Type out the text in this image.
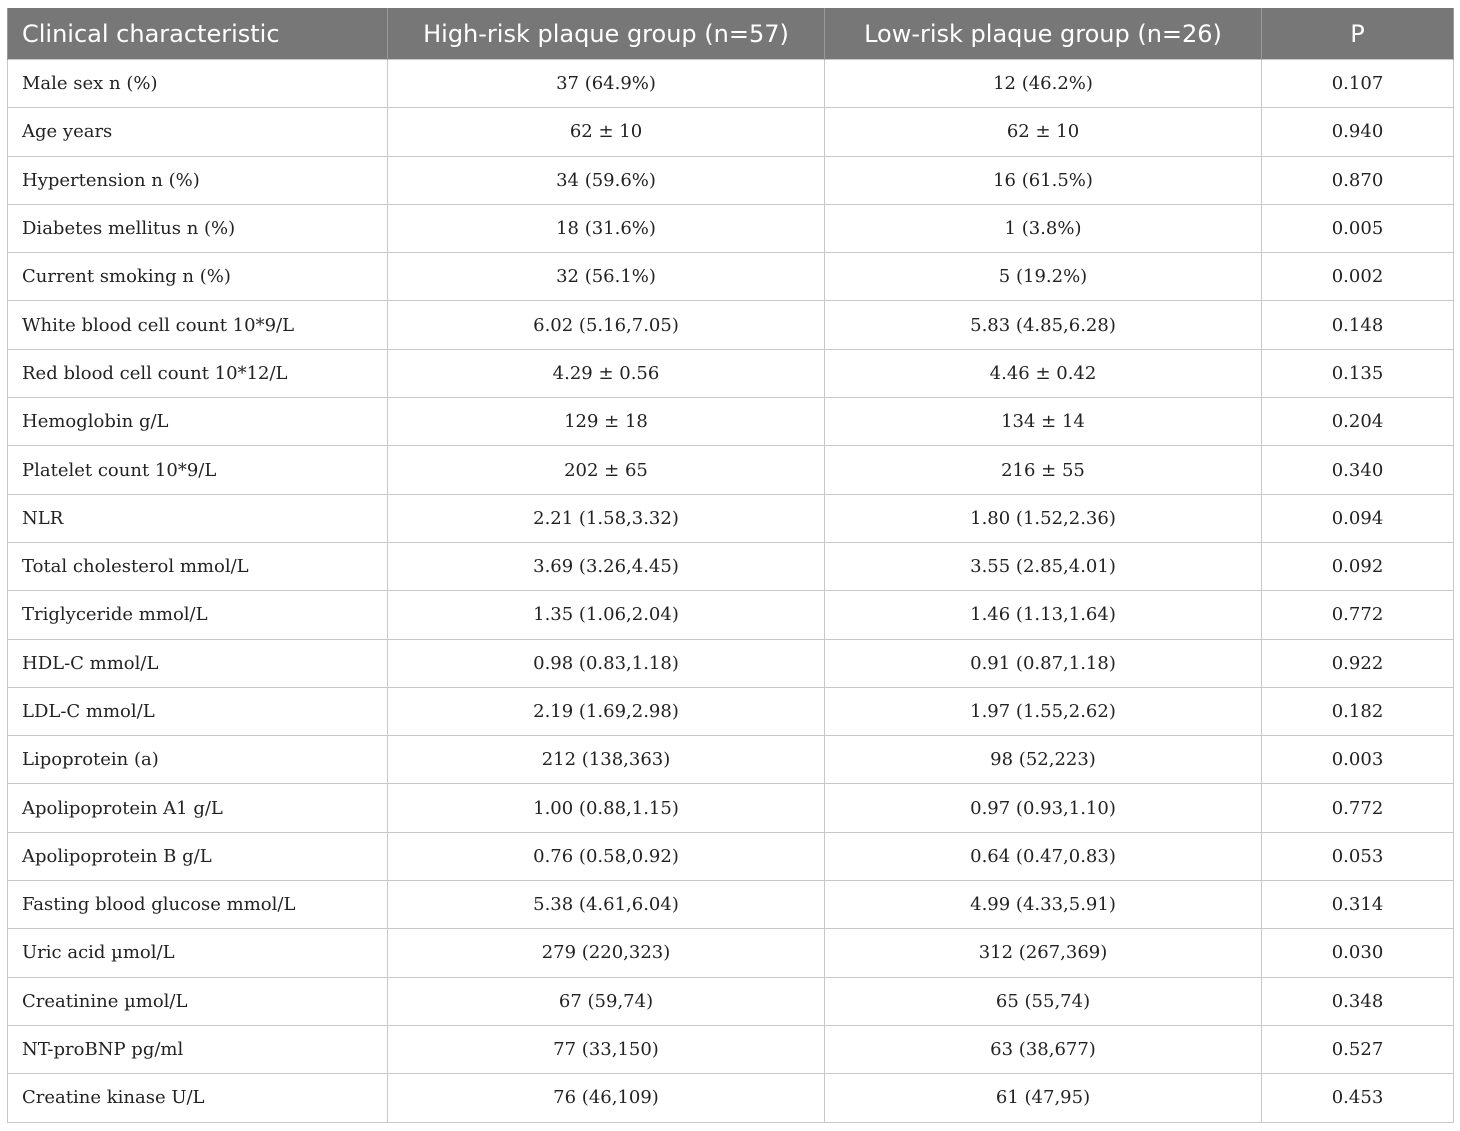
Clinical characteristic	High-risk plaque group (n=57)	Low-risk plaque group (n=26)	P
Male sex n (%)	37 (64.9%)	12 (46.2%)	0.107
Age years	62 ± 10	62 ± 10	0.940
Hypertension n (%)	34 (59.6%)	16 (61.5%)	0.870
Diabetes mellitus n (%)	18 (31.6%)	1 (3.8%)	0.005
Current smoking n (%)	32 (56.1%)	5 (19.2%)	0.002
White blood cell count 10*9/L	6.02 (5.16,7.05)	5.83 (4.85,6.28)	0.148
Red blood cell count 10*12/L	4.29 ± 0.56	4.46 ± 0.42	0.135
Hemoglobin g/L	129 ± 18	134 ± 14	0.204
Platelet count 10*9/L	202 ± 65	216 ± 55	0.340
NLR	2.21 (1.58,3.32)	1.80 (1.52,2.36)	0.094
Total cholesterol mmol/L	3.69 (3.26,4.45)	3.55 (2.85,4.01)	0.092
Triglyceride mmol/L	1.35 (1.06,2.04)	1.46 (1.13,1.64)	0.772
HDL-C mmol/L	0.98 (0.83,1.18)	0.91 (0.87,1.18)	0.922
LDL-C mmol/L	2.19 (1.69,2.98)	1.97 (1.55,2.62)	0.182
Lipoprotein (a)	212 (138,363)	98 (52,223)	0.003
Apolipoprotein A1 g/L	1.00 (0.88,1.15)	0.97 (0.93,1.10)	0.772
Apolipoprotein B g/L	0.76 (0.58,0.92)	0.64 (0.47,0.83)	0.053
Fasting blood glucose mmol/L	5.38 (4.61,6.04)	4.99 (4.33,5.91)	0.314
Uric acid µmol/L	279 (220,323)	312 (267,369)	0.030
Creatinine µmol/L	67 (59,74)	65 (55,74)	0.348
NT-proBNP pg/ml	77 (33,150)	63 (38,677)	0.527
Creatine kinase U/L	76 (46,109)	61 (47,95)	0.453
